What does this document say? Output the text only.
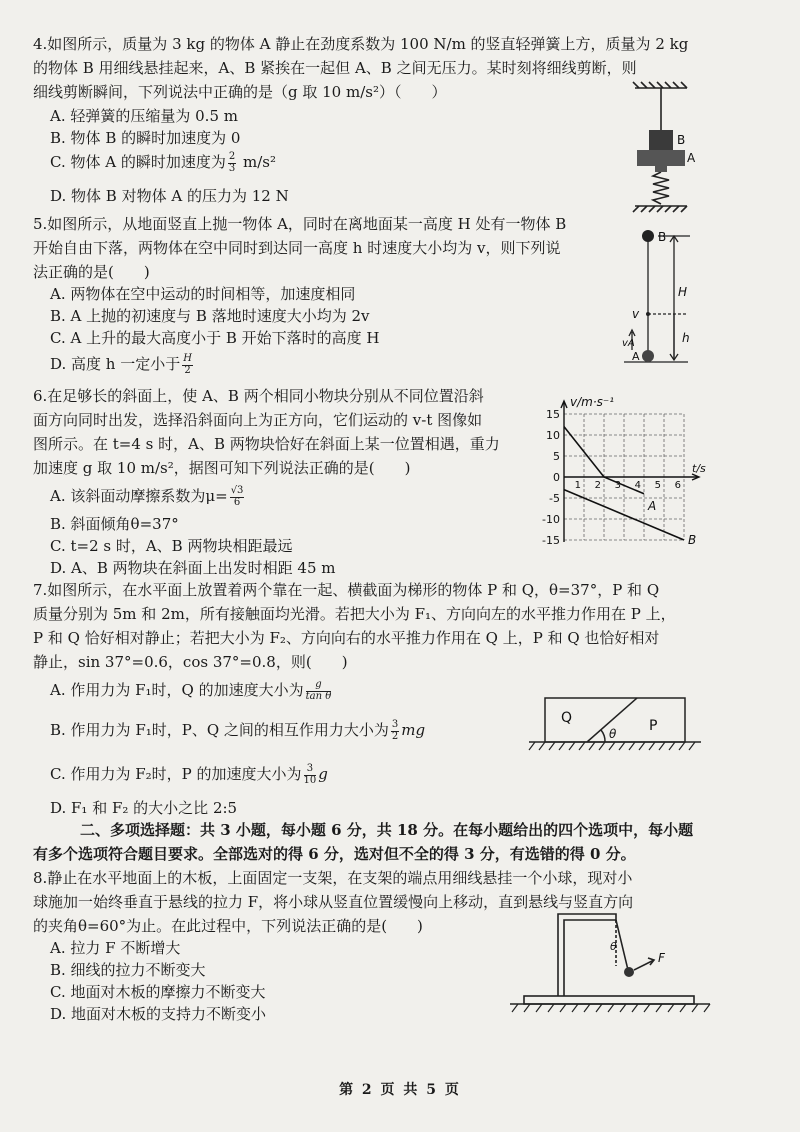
4.如图所示，质量为 3 kg 的物体 A 静止在劲度系数为 100 N/m 的竖直轻弹簧上方，质量为 2 kg
的物体 B 用细线悬挂起来，A、B 紧挨在一起但 A、B 之间无压力。某时刻将细线剪断，则
细线剪断瞬间，下列说法中正确的是（g 取 10 m/s²）（　　）
A. 轻弹簧的压缩量为 0.5 m
B. 物体 B 的瞬时加速度为 0
C. 物体 A 的瞬时加速度为 $\frac{2}{3} m/s^2$
D. 物体 B 对物体 A 的压力为 12 N
B
A
5.如图所示，从地面竖直上抛一物体 A，同时在离地面某一高度 H 处有一物体 B
开始自由下落，两物体在空中同时到达同一高度 h 时速度大小均为 v，则下列说
法正确的是(　　)
A. 两物体在空中运动的时间相等，加速度相同
B. A 上抛的初速度与 B 落地时速度大小均为 2v
C. A 上升的最大高度小于 B 开始下落时的高度 H
D. 高度 h 一定小于 $\frac{H}{2}$
B
H
v
vA
A
h
6.在足够长的斜面上，使 A、B 两个相同小物块分别从不同位置沿斜
面方向同时出发，选择沿斜面向上为正方向，它们运动的 v-t 图像如
图所示。在 t=4 s 时，A、B 两物块恰好在斜面上某一位置相遇，重力
加速度 g 取 10 m/s²，据图可知下列说法正确的是(　　)
A. 该斜面动摩擦系数为$\mu= \frac{√3}{6}$
B. 斜面倾角θ=37°
C. t=2 s 时，A、B 两物块相距最远
D. A、B 两物块在斜面上出发时相距 45 m
15
10
5
-5
-10
-15
0
1 2 3 4 5 6
v/m·s⁻¹
t/s
A
B
7.如图所示，在水平面上放置着两个靠在一起、横截面为梯形的物体 P 和 Q，θ=37°，P 和 Q
质量分别为 5m 和 2m，所有接触面均光滑。若把大小为 F₁、方向向左的水平推力作用在 P 上，
P 和 Q 恰好相对静止；若把大小为 F₂、方向向右的水平推力作用在 Q 上，P 和 Q 也恰好相对
静止，sin 37°=0.6，cos 37°=0.8，则(　　)
A. 作用力为 F₁时，Q 的加速度大小为 $\frac{g}{\text{tan θ}}$
B. 作用力为 F₁时，P、Q 之间的相互作用力大小为 $\frac{3}{2}$ mg
C. 作用力为 F₂时，P 的加速度大小为 $\frac{3}{10}$ g
D. F₁ 和 F₂ 的大小之比 2:5
Q	P
θ
二、多项选择题：共 3 小题，每小题 6 分，共 18 分。在每小题给出的四个选项中，每小题
有多个选项符合题目要求。全部选对的得 6 分，选对但不全的得 3 分，有选错的得 0 分。
8.静止在水平地面上的木板，上面固定一支架，在支架的端点用细线悬挂一个小球，现对小
球施加一始终垂直于悬线的拉力 F，将小球从竖直位置缓慢向上移动，直到悬线与竖直方向
的夹角θ=60°为止。在此过程中，下列说法正确的是(　　)
A. 拉力 F 不断增大
B. 细线的拉力不断变大
C. 地面对木板的摩擦力不断变大
D. 地面对木板的支持力不断变小
θ
F
第 2 页 共 5 页
